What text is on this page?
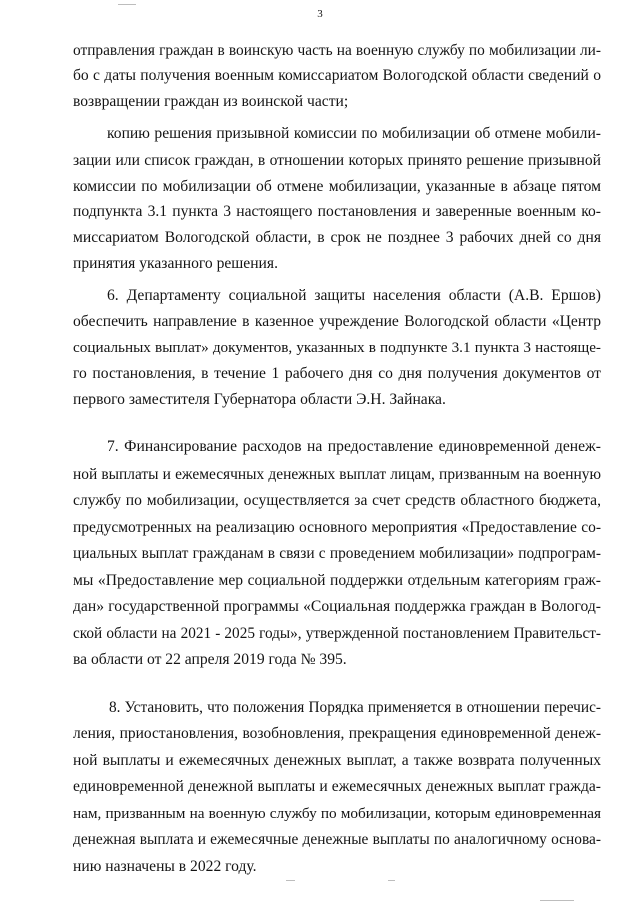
3
отправления граждан в воинскую часть на военную службу по мобилизации ли-
бо с даты получения военным комиссариатом Вологодской области сведений о
возвращении граждан из воинской части;
копию решения призывной комиссии по мобилизации об отмене мобили-
зации или список граждан, в отношении которых принято решение призывной
комиссии по мобилизации об отмене мобилизации, указанные в абзаце пятом
подпункта 3.1 пункта 3 настоящего постановления и заверенные военным ко-
миссариатом Вологодской области, в срок не позднее 3 рабочих дней со дня
принятия указанного решения.
6. Департаменту социальной защиты населения области (А.В. Ершов)
обеспечить направление в казенное учреждение Вологодской области «Центр
социальных выплат» документов, указанных в подпункте 3.1 пункта 3 настояще-
го постановления, в течение 1 рабочего дня со дня получения документов от
первого заместителя Губернатора области Э.Н. Зайнака.
7. Финансирование расходов на предоставление единовременной денеж-
ной выплаты и ежемесячных денежных выплат лицам, призванным на военную
службу по мобилизации, осуществляется за счет средств областного бюджета,
предусмотренных на реализацию основного мероприятия «Предоставление со-
циальных выплат гражданам в связи с проведением мобилизации» подпрограм-
мы «Предоставление мер социальной поддержки отдельным категориям граж-
дан» государственной программы «Социальная поддержка граждан в Вологод-
ской области на 2021 - 2025 годы», утвержденной постановлением Правительст-
ва области от 22 апреля 2019 года № 395.
8. Установить, что положения Порядка применяется в отношении перечис-
ления, приостановления, возобновления, прекращения единовременной денеж-
ной выплаты и ежемесячных денежных выплат, а также возврата полученных
единовременной денежной выплаты и ежемесячных денежных выплат гражда-
нам, призванным на военную службу по мобилизации, которым единовременная
денежная выплата и ежемесячные денежные выплаты по аналогичному основа-
нию назначены в 2022 году.
